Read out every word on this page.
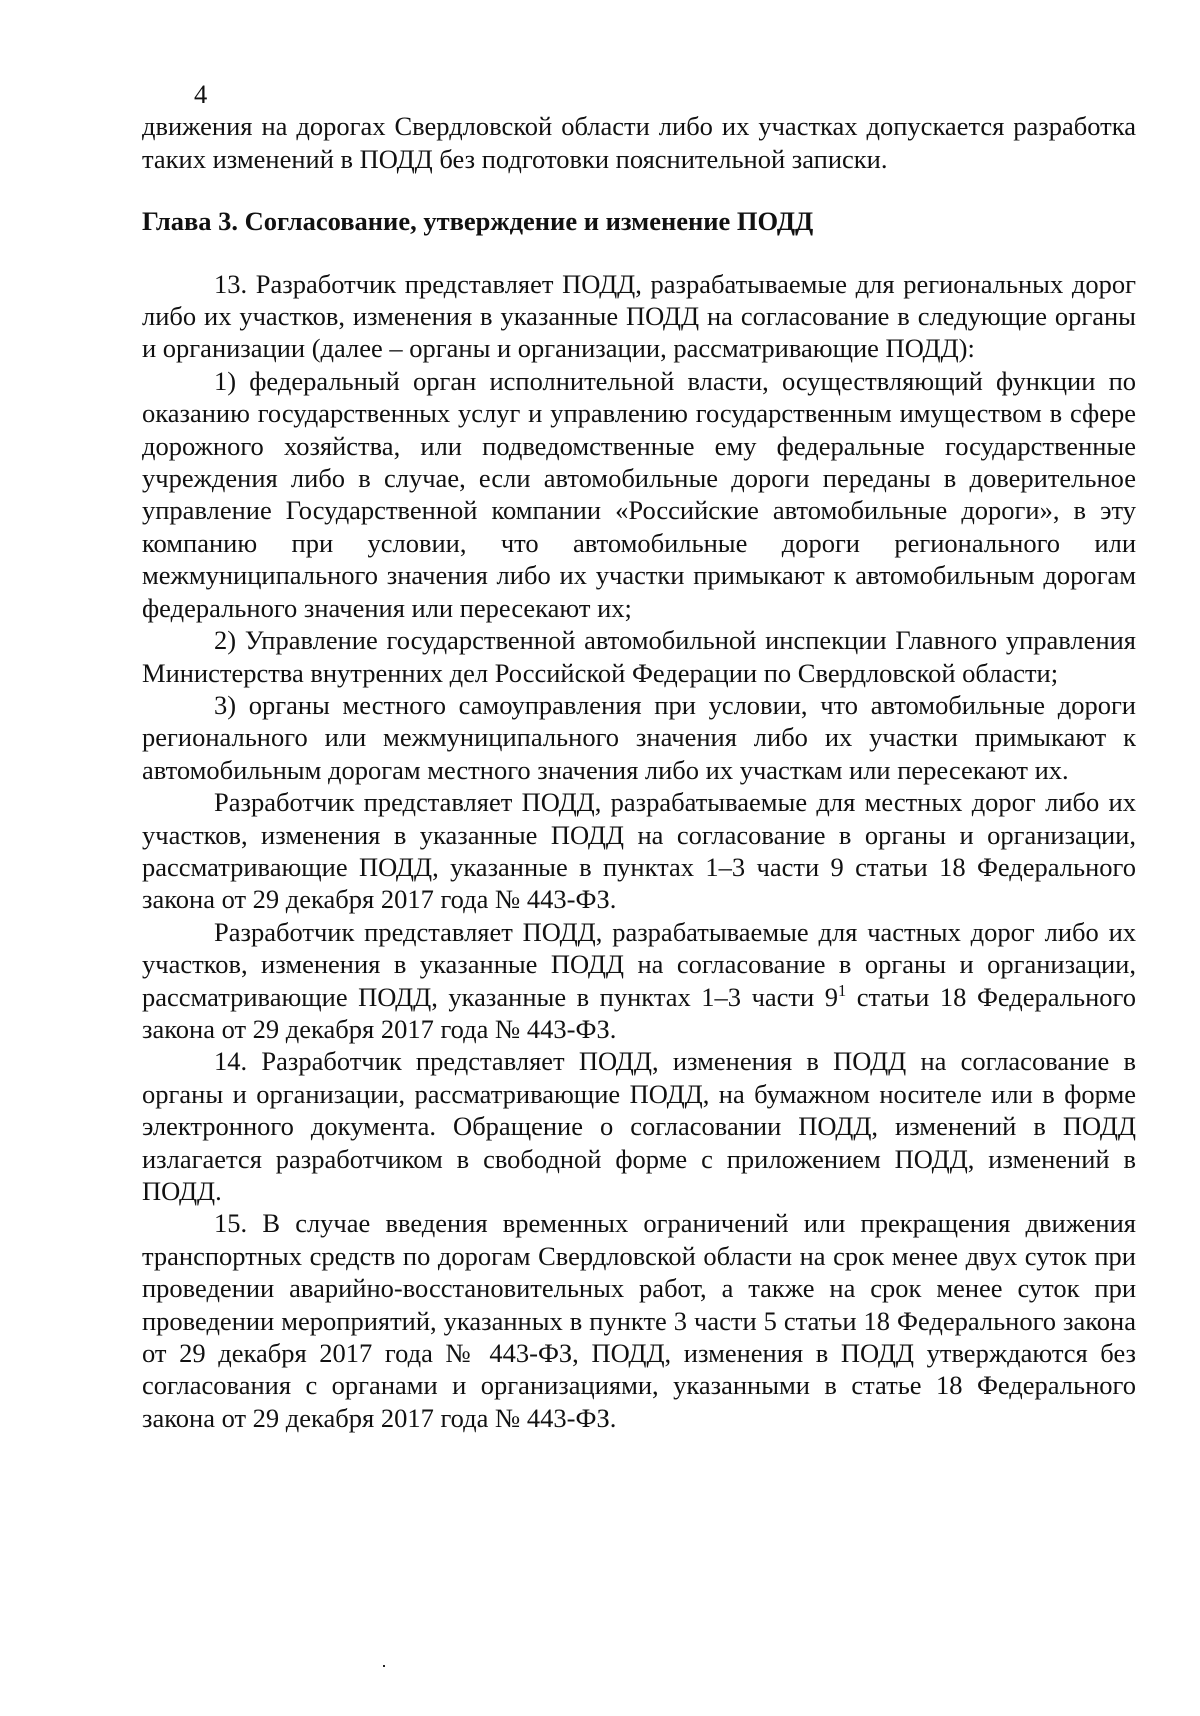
4

движения на дорогах Свердловской области либо их участках допускается разработка таких изменений в ПОДД без подготовки пояснительной записки.

Глава 3. Согласование, утверждение и изменение ПОДД

13. Разработчик представляет ПОДД, разрабатываемые для региональных дорог либо их участков, изменения в указанные ПОДД на согласование в следующие органы и организации (далее – органы и организации, рассматривающие ПОДД):

1) федеральный орган исполнительной власти, осуществляющий функции по оказанию государственных услуг и управлению государственным имуществом в сфере дорожного хозяйства, или подведомственные ему федеральные государственные учреждения либо в случае, если автомобильные дороги переданы в доверительное управление Государственной компании «Российские автомобильные дороги», в эту компанию при условии, что автомобильные дороги регионального или межмуниципального значения либо их участки примыкают к автомобильным дорогам федерального значения или пересекают их;

2) Управление государственной автомобильной инспекции Главного управления Министерства внутренних дел Российской Федерации по Свердловской области;

3) органы местного самоуправления при условии, что автомобильные дороги регионального или межмуниципального значения либо их участки примыкают к автомобильным дорогам местного значения либо их участкам или пересекают их.

Разработчик представляет ПОДД, разрабатываемые для местных дорог либо их участков, изменения в указанные ПОДД на согласование в органы и организации, рассматривающие ПОДД, указанные в пунктах 1–3 части 9 статьи 18 Федерального закона от 29 декабря 2017 года № 443-ФЗ.

Разработчик представляет ПОДД, разрабатываемые для частных дорог либо их участков, изменения в указанные ПОДД на согласование в органы и организации, рассматривающие ПОДД, указанные в пунктах 1–3 части $9^1$ статьи 18 Федерального закона от 29 декабря 2017 года № 443-ФЗ.

14. Разработчик представляет ПОДД, изменения в ПОДД на согласование в органы и организации, рассматривающие ПОДД, на бумажном носителе или в форме электронного документа. Обращение о согласовании ПОДД, изменений в ПОДД излагается разработчиком в свободной форме с приложением ПОДД, изменений в ПОДД.

15. В случае введения временных ограничений или прекращения движения транспортных средств по дорогам Свердловской области на срок менее двух суток при проведении аварийно-восстановительных работ, а также на срок менее суток при проведении мероприятий, указанных в пункте 3 части 5 статьи 18 Федерального закона от 29 декабря 2017 года № 443-ФЗ, ПОДД, изменения в ПОДД утверждаются без согласования с органами и организациями, указанными в статье 18 Федерального закона от 29 декабря 2017 года № 443-ФЗ.
